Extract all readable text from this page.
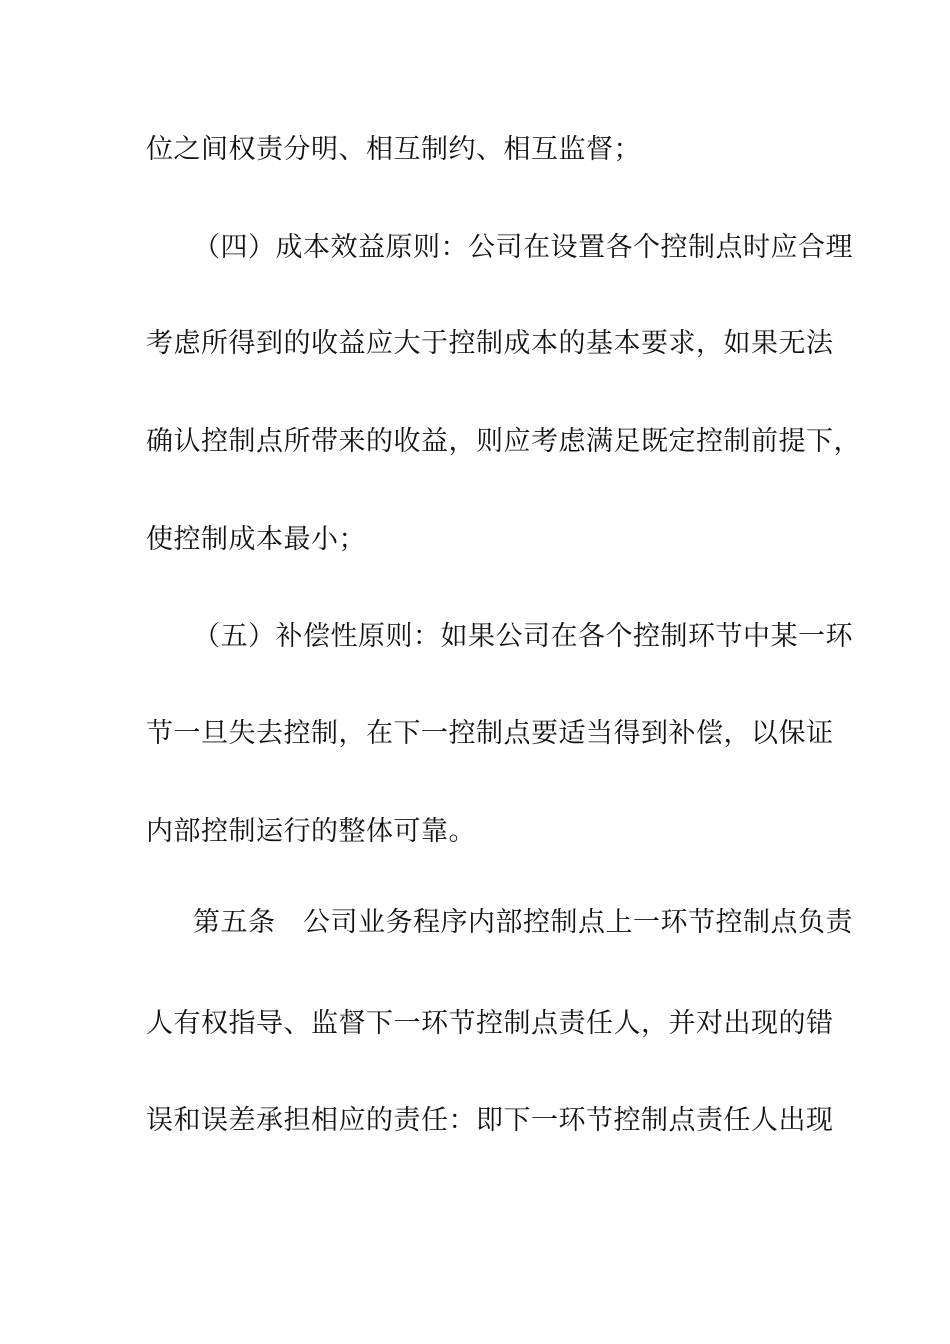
位之间权责分明、相互制约、相互监督；
（四）成本效益原则：公司在设置各个控制点时应合理
考虑所得到的收益应大于控制成本的基本要求，如果无法
确认控制点所带来的收益，则应考虑满足既定控制前提下，
使控制成本最小；
（五）补偿性原则：如果公司在各个控制环节中某一环
节一旦失去控制，在下一控制点要适当得到补偿，以保证
内部控制运行的整体可靠。
第五条　公司业务程序内部控制点上一环节控制点负责
人有权指导、监督下一环节控制点责任人，并对出现的错
误和误差承担相应的责任：即下一环节控制点责任人出现
